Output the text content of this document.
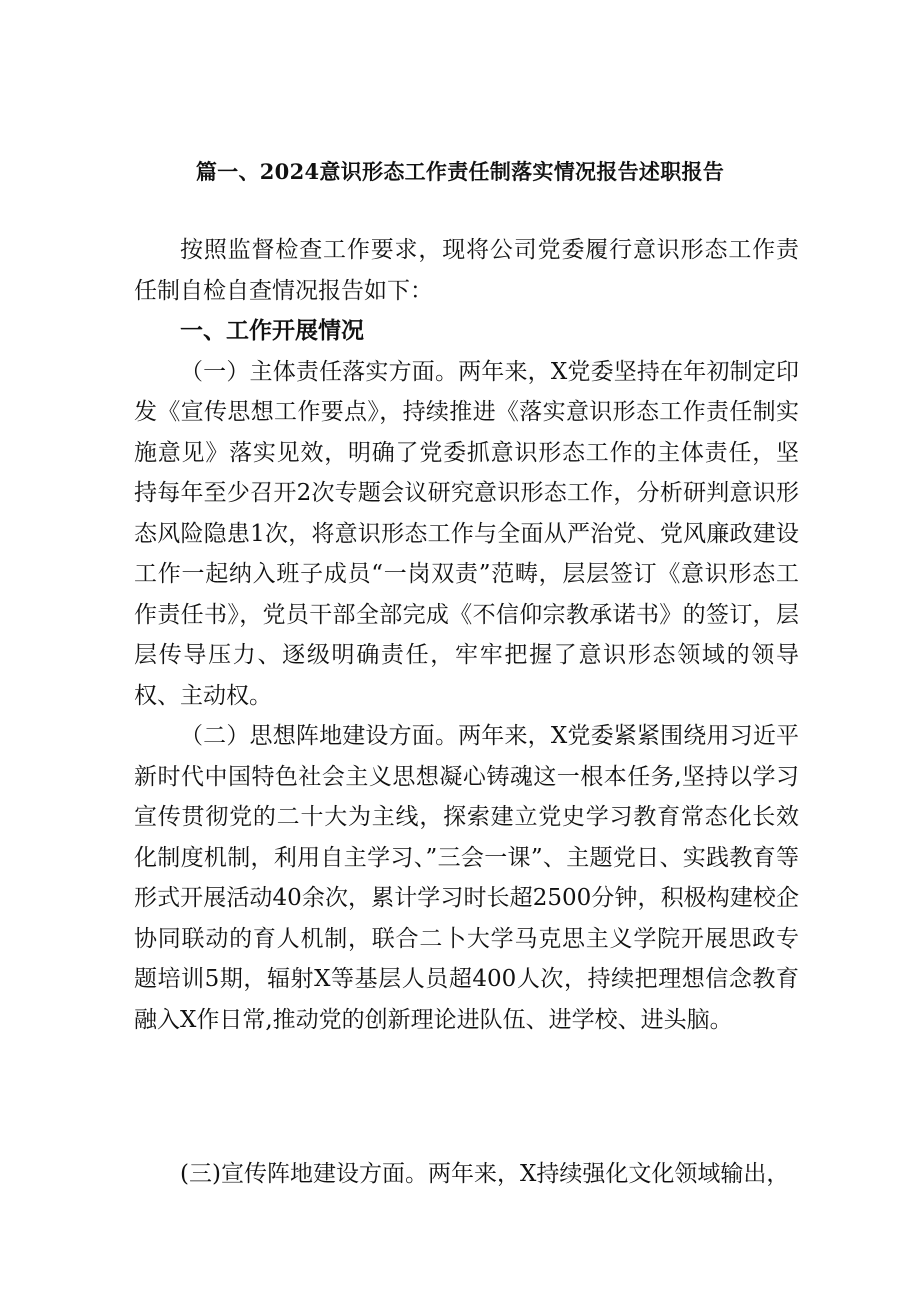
篇一、2024意识形态工作责任制落实情况报告述职报告

按照监督检查工作要求，现将公司党委履行意识形态工作责任制自检自查情况报告如下：

一、工作开展情况

（一）主体责任落实方面。两年来，X党委坚持在年初制定印发《宣传思想工作要点》，持续推进《落实意识形态工作责任制实施意见》落实见效，明确了党委抓意识形态工作的主体责任，坚持每年至少召开2次专题会议研究意识形态工作，分析研判意识形态风险隐患1次，将意识形态工作与全面从严治党、党风廉政建设工作一起纳入班子成员“一岗双责”范畴，层层签订《意识形态工作责任书》，党员干部全部完成《不信仰宗教承诺书》的签订，层层传导压力、逐级明确责任，牢牢把握了意识形态领域的领导权、主动权。

（二）思想阵地建设方面。两年来，X党委紧紧围绕用习近平新时代中国特色社会主义思想凝心铸魂这一根本任务,坚持以学习宣传贯彻党的二十大为主线，探索建立党史学习教育常态化长效化制度机制，利用自主学习、”三会一课”、主题党日、实践教育等形式开展活动40余次，累计学习时长超2500分钟，积极构建校企协同联动的育人机制，联合二卜大学马克思主义学院开展思政专题培训5期，辐射X等基层人员超400人次，持续把理想信念教育融入X作日常,推动党的创新理论进队伍、进学校、进头脑。

(三)宣传阵地建设方面。两年来，X持续强化文化领域输出，
